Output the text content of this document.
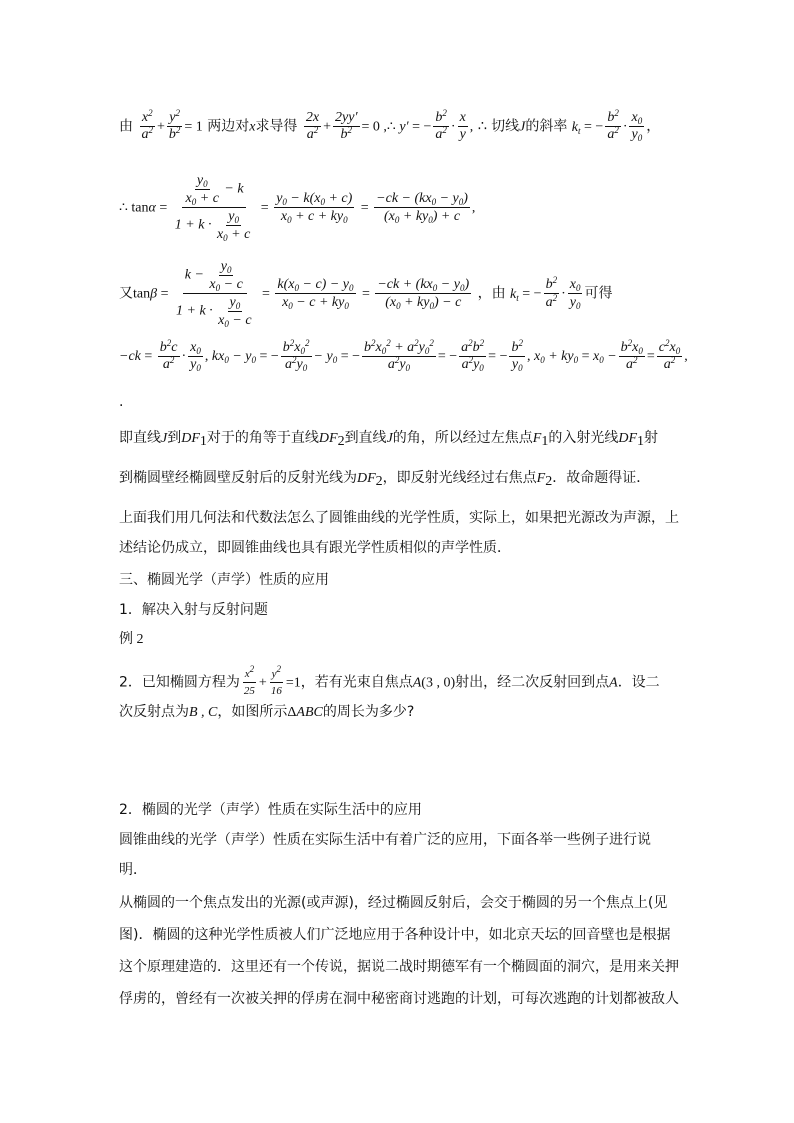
由 $\frac{x^2}{a^2} + \frac{y^2}{b^2} = 1$ 两边对x求导得 $\frac{2x}{a^2} + \frac{2yy'}{b^2} = 0$ ,∴ y′ = − $\frac{b^2}{a^2} \cdot \frac{x}{y}$ , ∴ 切线J的斜率 $k_t$ = − $\frac{b^2}{a^2} \cdot \frac{x_0}{y_0}$ ，
∴ $\tan\alpha = \frac{\frac{y_0}{x_0 + c} - k}{1 + k \cdot \frac{y_0}{x_0 + c}} = \frac{y_0 - k(x_0 + c)}{x_0 + c + ky_0} = \frac{-ck - (kx_0 - y_0)}{(x_0 + ky_0) + c}$ ,
又$\tan\beta = \frac{k - \frac{y_0}{x_0 - c}}{1 + k \cdot \frac{y_0}{x_0 - c}} = \frac{k(x_0 - c) - y_0}{x_0 - c + ky_0} = \frac{-ck + (kx_0 - y_0)}{(x_0 + ky_0) - c}$ ，由 $k_t$ = − $\frac{b^2}{a^2} \cdot \frac{x_0}{y_0}$ 可得
$-ck = \frac{b^2c}{a^2} \cdot \frac{x_0}{y_0}$ , $kx_0 - y_0$ = − $\frac{b^2x_0^2}{a^2y_0} - y_0$ = − $\frac{b^2x_0^2 + a^2y_0^2}{a^2y_0}$ = − $\frac{a^2b^2}{a^2y_0}$ = − $\frac{b^2}{y_0}$ , $x_0 + ky_0 = x_0 - \frac{b^2x_0}{a^2} = \frac{c^2x_0}{a^2}$ ,
.
即直线J到$DF_1$对于的角等于直线$DF_2$到直线J的角，所以经过左焦点$F_1$的入射光线$DF_1$射
到椭圆壁经椭圆壁反射后的反射光线为$DF_2$，即反射光线经过右焦点$F_2$．故命题得证．
上面我们用几何法和代数法怎么了圆锥曲线的光学性质，实际上，如果把光源改为声源，上
述结论仍成立，即圆锥曲线也具有跟光学性质相似的声学性质．
三、椭圆光学（声学）性质的应用
1．解决入射与反射问题
例 2
2．已知椭圆方程为 $\frac{x^2}{25} + \frac{y^2}{16} =1$，若有光束自焦点A(3 , 0)射出，经二次反射回到点A．设二
次反射点为B , C，如图所示ΔABC的周长为多少?
2．椭圆的光学（声学）性质在实际生活中的应用
圆锥曲线的光学（声学）性质在实际生活中有着广泛的应用，下面各举一些例子进行说
明．
从椭圆的一个焦点发出的光源(或声源)，经过椭圆反射后，会交于椭圆的另一个焦点上(见
图)．椭圆的这种光学性质被人们广泛地应用于各种设计中，如北京天坛的回音壁也是根据
这个原理建造的．这里还有一个传说，据说二战时期德军有一个椭圆面的洞穴，是用来关押
俘虏的，曾经有一次被关押的俘虏在洞中秘密商讨逃跑的计划，可每次逃跑的计划都被敌人
